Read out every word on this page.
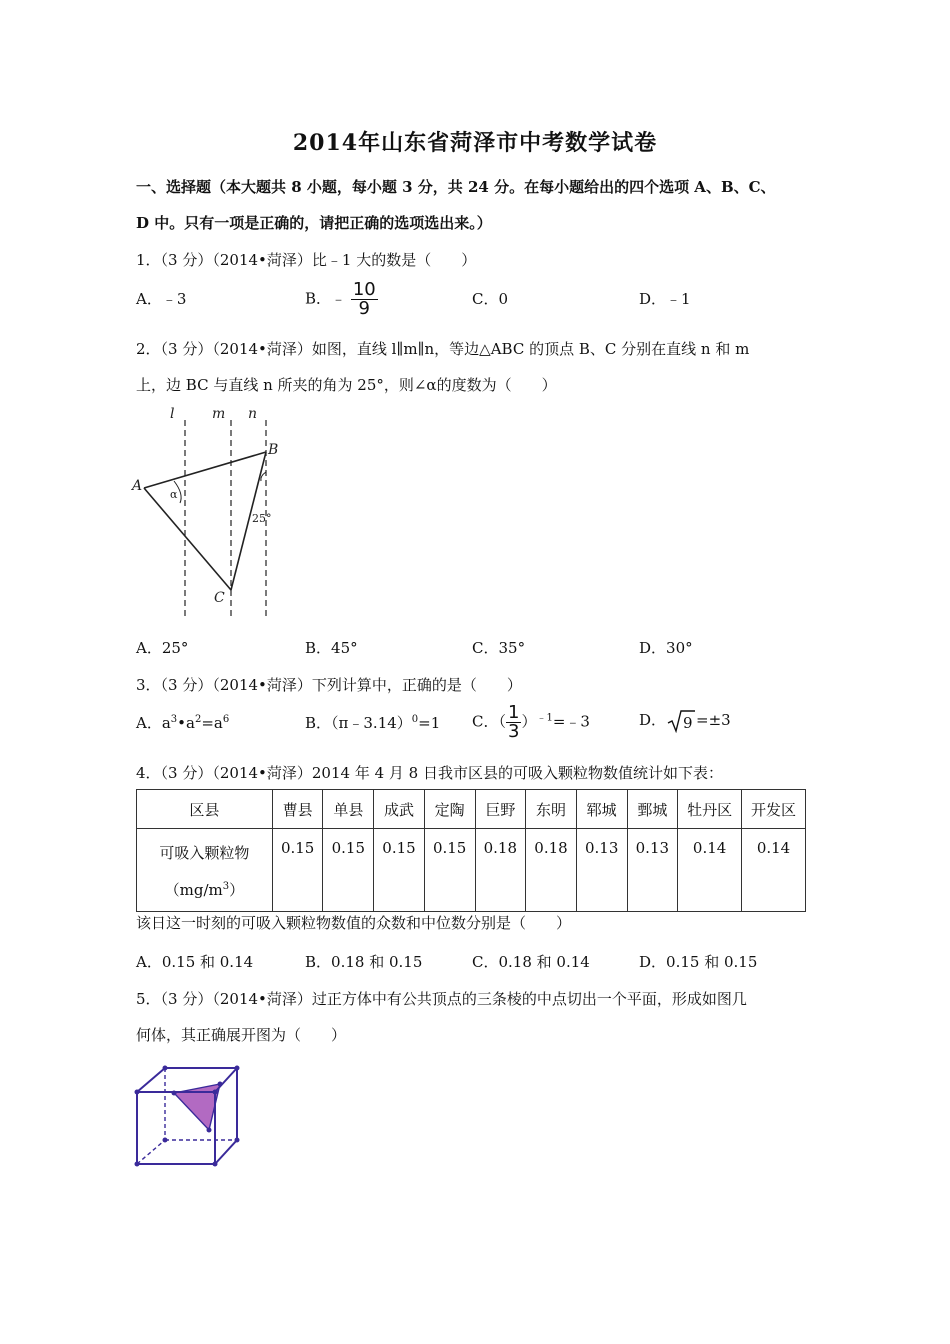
2014年山东省菏泽市中考数学试卷
一、选择题（本大题共 8 小题，每小题 3 分，共 24 分。在每小题给出的四个选项 A、B、C、
D 中。只有一项是正确的，请把正确的选项选出来。）
1．（3 分）（2014•菏泽）比﹣1 大的数是（　　）
A．﹣3	B．﹣ $\frac{10}{9}$	C．0	D．﹣1
2．（3 分）（2014•菏泽）如图，直线 l∥m∥n，等边△ABC 的顶点 B、C 分别在直线 n 和 m
上，边 BC 与直线 n 所夹的角为 25°，则∠α的度数为（　　）
l	m n
A
B
C
α
25°
A．25°	B．45°	C．35°	D．30°
3．（3 分）（2014•菏泽）下列计算中，正确的是（　　）
A．$a^3•a^2=a^6$	B．（π﹣3.14）$^0$=1 C．（ $\frac{1}{3}$ ）$^{﹣1}$=﹣3	D． 9 =±3
4．（3 分）（2014•菏泽）2014 年 4 月 8 日我市区县的可吸入颗粒物数值统计如下表：
区县	曹县	单县	成武	定陶	巨野	东明	郓城	鄄城	牡丹区	开发区

可吸入颗粒物
$(mg/m^3)$	0.15	0.15	0.15	0.15	0.18	0.18	0.13	0.13	0.14	0.14
该日这一时刻的可吸入颗粒物数值的众数和中位数分别是（　　）
A．0.15 和 0.14	B．0.18 和 0.15	C．0.18 和 0.14	D．0.15 和 0.15
5．（3 分）（2014•菏泽）过正方体中有公共顶点的三条棱的中点切出一个平面，形成如图几
何体，其正确展开图为（　　）
